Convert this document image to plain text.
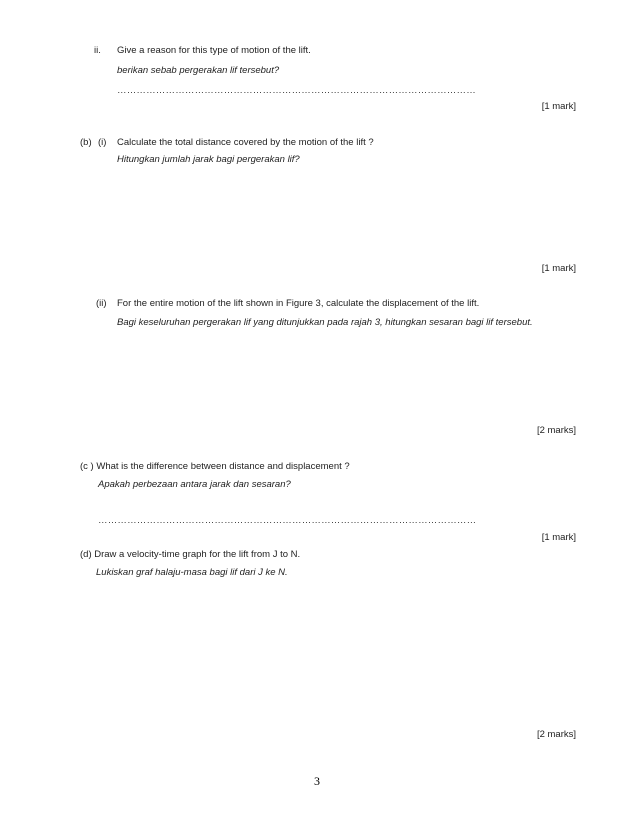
ii. Give a reason for this type of motion of the lift.
berikan sebab pergerakan lif tersebut?
…………………………………………………………………………………………………
[1 mark]
(b) (i) Calculate the total distance covered by the motion of the lift ?
Hitungkan jumlah jarak bagi pergerakan lif?
[1 mark]
(ii) For the entire motion of the lift shown in Figure 3, calculate the displacement of the lift.
Bagi keseluruhan pergerakan lif yang ditunjukkan pada rajah 3, hitungkan sesaran bagi lif tersebut.
[2 marks]
(c ) What is the difference between distance and displacement ?
Apakah perbezaan antara jarak dan sesaran?
………………………………………………………………………………………………………
[1 mark]
(d) Draw a velocity-time graph for the lift from J to N.
Lukiskan graf halaju-masa bagi lif dari J ke N.
[2 marks]
3
